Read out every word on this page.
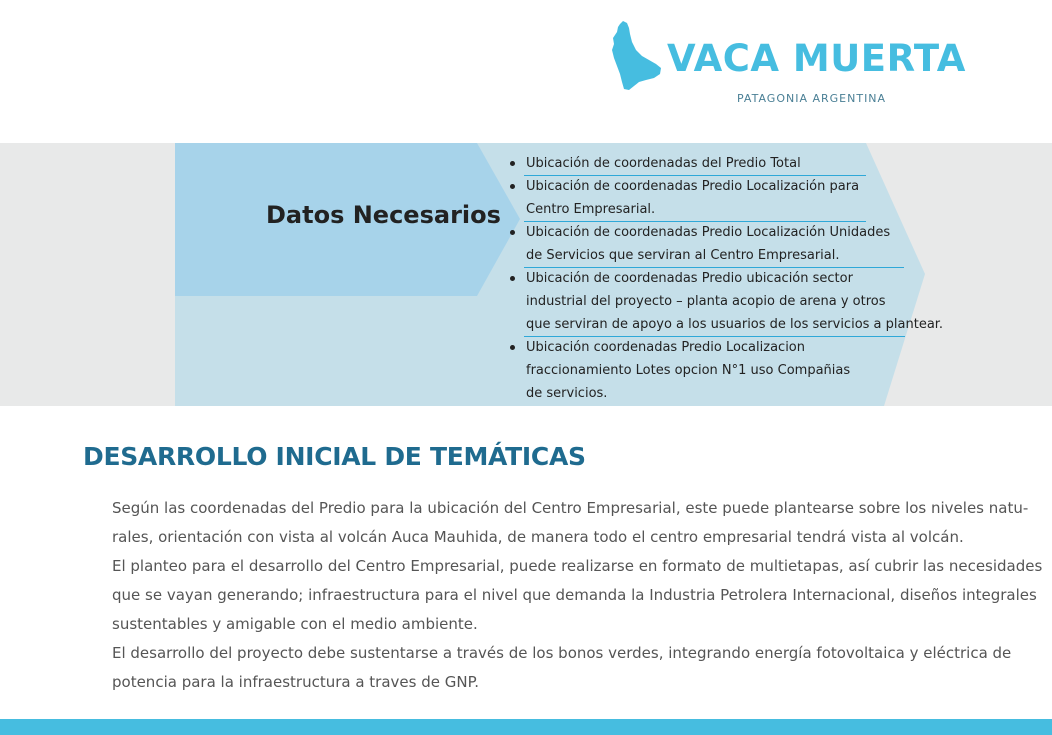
VACA MUERTA
PATAGONIA ARGENTINA
Datos Necesarios
Ubicación de coordenadas del Predio Total
Ubicación de coordenadas Predio Localización para
Centro Empresarial.
Ubicación de coordenadas Predio Localización Unidades
de Servicios que serviran al Centro Empresarial.
Ubicación de coordenadas Predio ubicación sector
industrial del proyecto – planta acopio de arena y otros
que serviran de apoyo a los usuarios de los servicios a plantear.
Ubicación coordenadas Predio Localizacion
fraccionamiento Lotes opcion N°1 uso Compañias
de servicios.
DESARROLLO INICIAL DE TEMÁTICAS
Según las coordenadas del Predio para la ubicación del Centro Empresarial, este puede plantearse sobre los niveles natu-
rales, orientación con vista al volcán Auca Mauhida, de manera todo el centro empresarial tendrá vista al volcán.
El planteo para el desarrollo del Centro Empresarial, puede realizarse en formato de multietapas, así cubrir las necesidades
que se vayan generando; infraestructura para el nivel que demanda la Industria Petrolera Internacional, diseños integrales
sustentables y amigable con el medio ambiente.
El desarrollo del proyecto debe sustentarse a través de los bonos verdes, integrando energía fotovoltaica y eléctrica de
potencia para la infraestructura a traves de GNP.
